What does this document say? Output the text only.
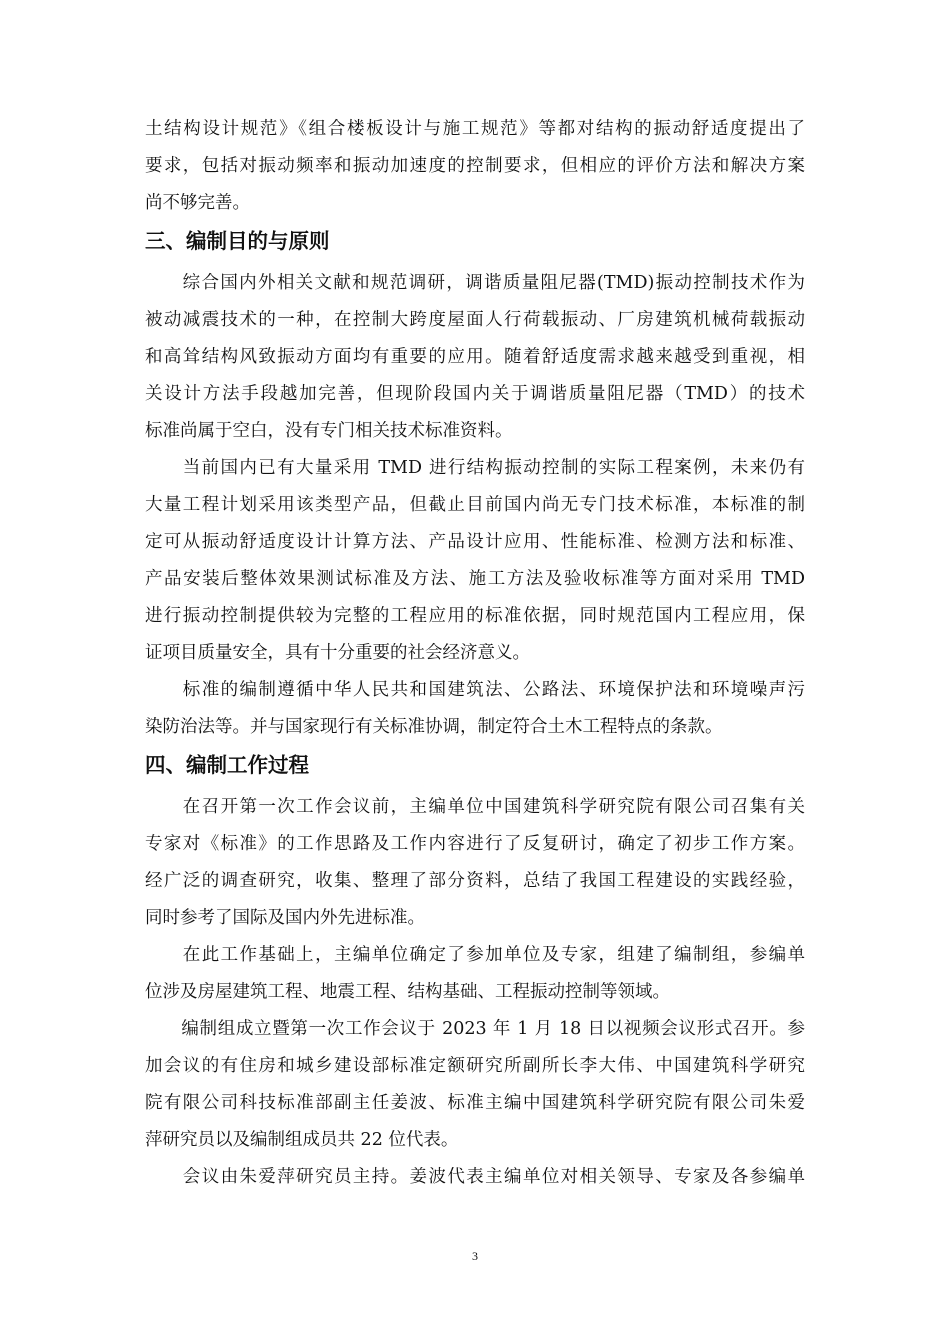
土结构设计规范》《组合楼板设计与施工规范》等都对结构的振动舒适度提出了
要求，包括对振动频率和振动加速度的控制要求，但相应的评价方法和解决方案
尚不够完善。
三、编制目的与原则
　　综合国内外相关文献和规范调研，调谐质量阻尼器(TMD)振动控制技术作为
被动减震技术的一种，在控制大跨度屋面人行荷载振动、厂房建筑机械荷载振动
和高耸结构风致振动方面均有重要的应用。随着舒适度需求越来越受到重视，相
关设计方法手段越加完善，但现阶段国内关于调谐质量阻尼器（TMD）的技术
标准尚属于空白，没有专门相关技术标准资料。
　　当前国内已有大量采用 TMD 进行结构振动控制的实际工程案例，未来仍有
大量工程计划采用该类型产品，但截止目前国内尚无专门技术标准，本标准的制
定可从振动舒适度设计计算方法、产品设计应用、性能标准、检测方法和标准、
产品安装后整体效果测试标准及方法、施工方法及验收标准等方面对采用 TMD
进行振动控制提供较为完整的工程应用的标准依据，同时规范国内工程应用，保
证项目质量安全，具有十分重要的社会经济意义。
　　标准的编制遵循中华人民共和国建筑法、公路法、环境保护法和环境噪声污
染防治法等。并与国家现行有关标准协调，制定符合土木工程特点的条款。
四、编制工作过程
　　在召开第一次工作会议前，主编单位中国建筑科学研究院有限公司召集有关
专家对《标准》的工作思路及工作内容进行了反复研讨，确定了初步工作方案。
经广泛的调查研究，收集、整理了部分资料，总结了我国工程建设的实践经验，
同时参考了国际及国内外先进标准。
　　在此工作基础上，主编单位确定了参加单位及专家，组建了编制组，参编单
位涉及房屋建筑工程、地震工程、结构基础、工程振动控制等领域。
　　编制组成立暨第一次工作会议于 2023 年 1 月 18 日以视频会议形式召开。参
加会议的有住房和城乡建设部标准定额研究所副所长李大伟、中国建筑科学研究
院有限公司科技标准部副主任姜波、标准主编中国建筑科学研究院有限公司朱爱
萍研究员以及编制组成员共 22 位代表。
　　会议由朱爱萍研究员主持。姜波代表主编单位对相关领导、专家及各参编单
3
